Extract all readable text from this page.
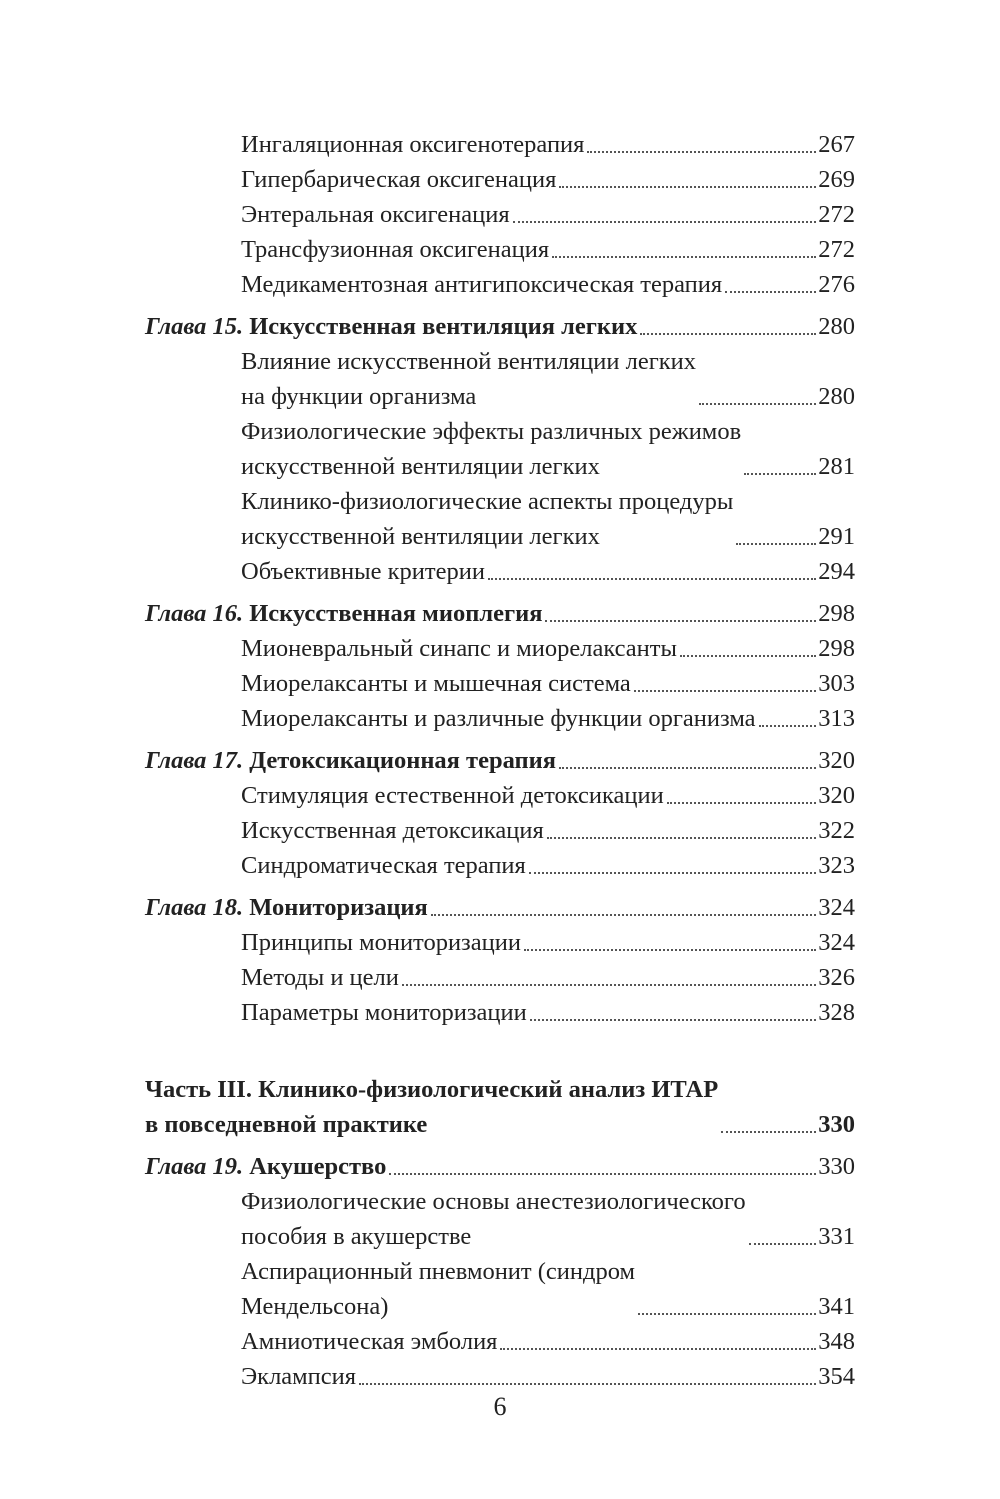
Ингаляционная оксигенотерапия	267
Гипербарическая оксигенация	269
Энтеральная оксигенация	272
Трансфузионная оксигенация	272
Медикаментозная антигипоксическая терапия	276
Глава 15. Искусственная вентиляция легких	280
Влияние искусственной вентиляции легких
на функции организма	280
Физиологические эффекты различных режимов
искусственной вентиляции легких	281
Клинико-физиологические аспекты процедуры
искусственной вентиляции легких	291
Объективные критерии	294
Глава 16. Искусственная миоплегия	298
Мионевральный синапс и миорелаксанты	298
Миорелаксанты и мышечная система	303
Миорелаксанты и различные функции организма	313
Глава 17. Детоксикационная терапия	320
Стимуляция естественной детоксикации	320
Искусственная детоксикация	322
Синдроматическая терапия	323
Глава 18. Мониторизация	324
Принципы мониторизации	324
Методы и цели	326
Параметры мониторизации	328
Часть III. Клинико-физиологический анализ ИТАР
в повседневной практике	330
Глава 19. Акушерство	330
Физиологические основы анестезиологического
пособия в акушерстве	331
Аспирационный пневмонит (синдром
Мендельсона)	341
Амниотическая эмболия	348
Эклампсия	354
6
